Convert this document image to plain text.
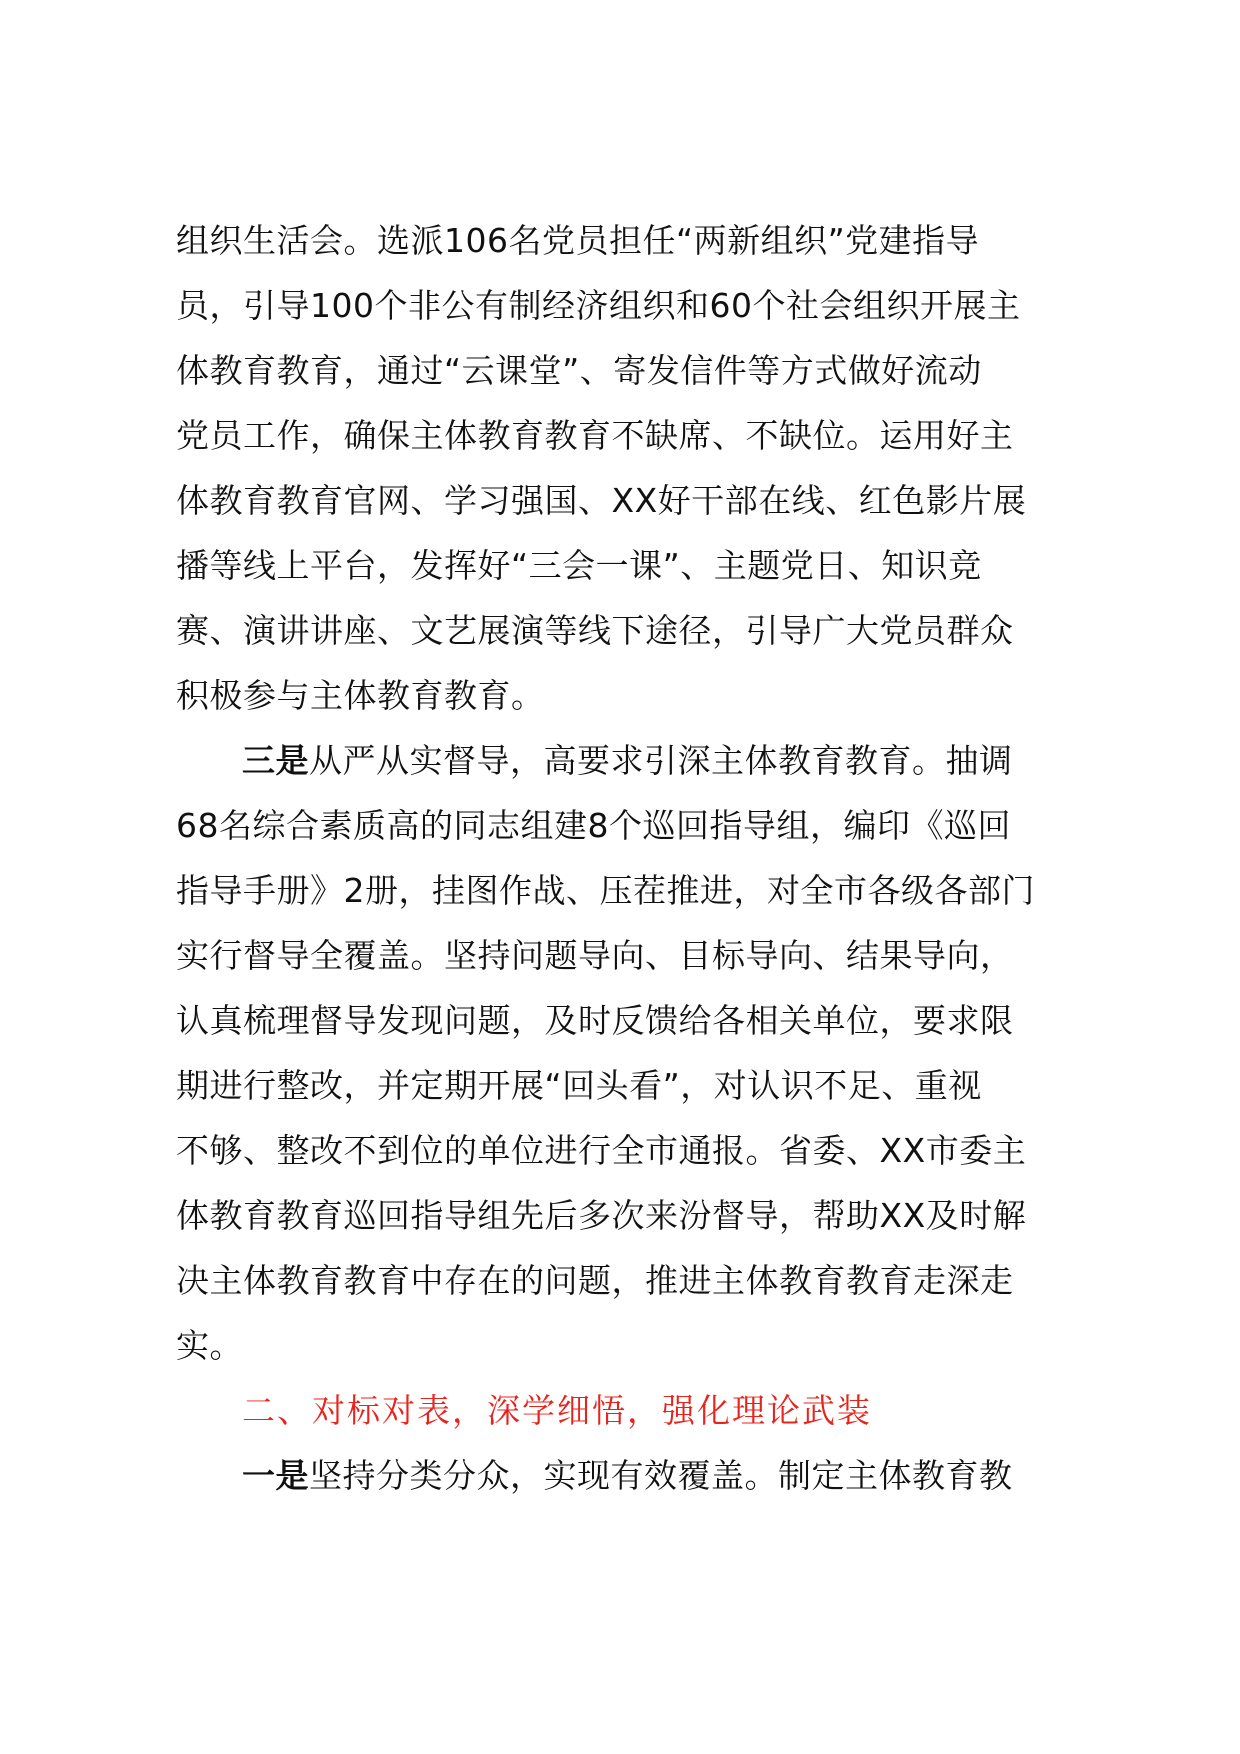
组织生活会。选派106名党员担任“两新组织”党建指导
员，引导100个非公有制经济组织和60个社会组织开展主
体教育教育，通过“云课堂”、寄发信件等方式做好流动
党员工作，确保主体教育教育不缺席、不缺位。运用好主
体教育教育官网、学习强国、XX好干部在线、红色影片展
播等线上平台，发挥好“三会一课”、主题党日、知识竞
赛、演讲讲座、文艺展演等线下途径，引导广大党员群众
积极参与主体教育教育。
三是从严从实督导，高要求引深主体教育教育。抽调
68名综合素质高的同志组建8个巡回指导组，编印《巡回
指导手册》2册，挂图作战、压茬推进，对全市各级各部门
实行督导全覆盖。坚持问题导向、目标导向、结果导向，
认真梳理督导发现问题，及时反馈给各相关单位，要求限
期进行整改，并定期开展“回头看”，对认识不足、重视
不够、整改不到位的单位进行全市通报。省委、XX市委主
体教育教育巡回指导组先后多次来汾督导，帮助XX及时解
决主体教育教育中存在的问题，推进主体教育教育走深走
实。
二、对标对表，深学细悟，强化理论武装
一是坚持分类分众，实现有效覆盖。制定主体教育教
